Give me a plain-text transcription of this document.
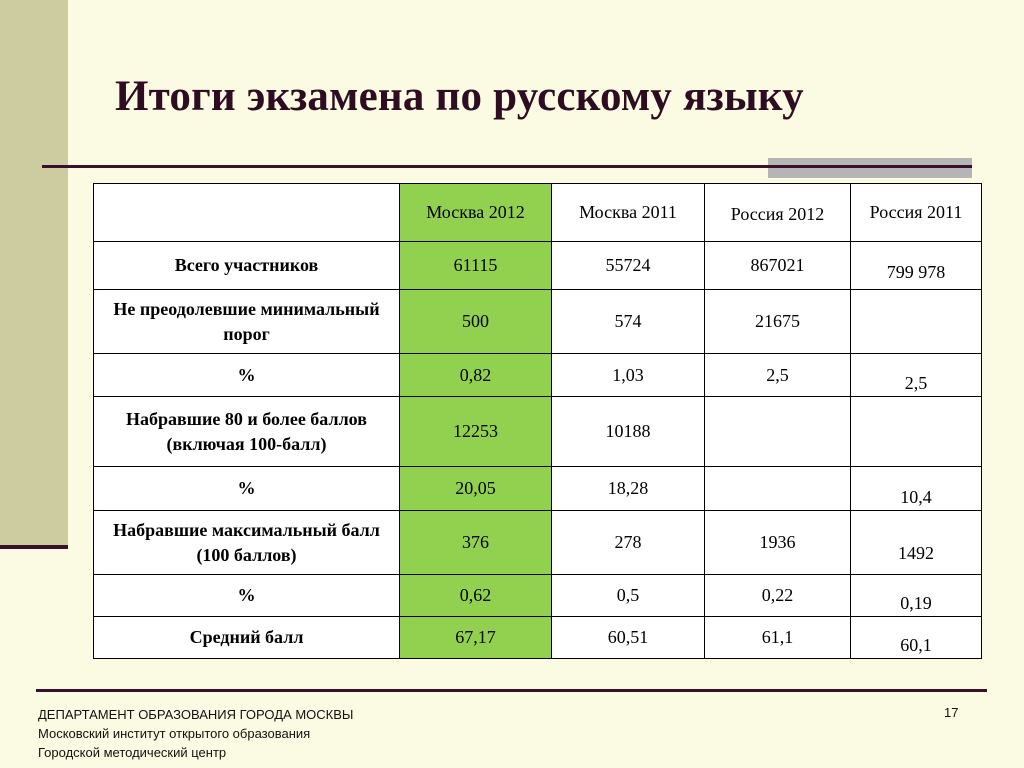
Итоги экзамена по русскому языку
	Москва 2012	Москва 2011	Россия 2012	Россия 2011
Всего участников	61115	55724	867021	799 978
Не преодолевшие минимальный порог	500	574	21675	
%	0,82	1,03	2,5	2,5
Набравшие 80 и более баллов (включая 100-балл)	12253	10188		
%	20,05	18,28		10,4
Набравшие максимальный балл (100 баллов)	376	278	1936	1492
%	0,62	0,5	0,22	0,19
Средний балл	67,17	60,51	61,1	60,1
ДЕПАРТАМЕНТ ОБРАЗОВАНИЯ ГОРОДА МОСКВЫ
Московский институт открытого образования
Городской методический центр
17
